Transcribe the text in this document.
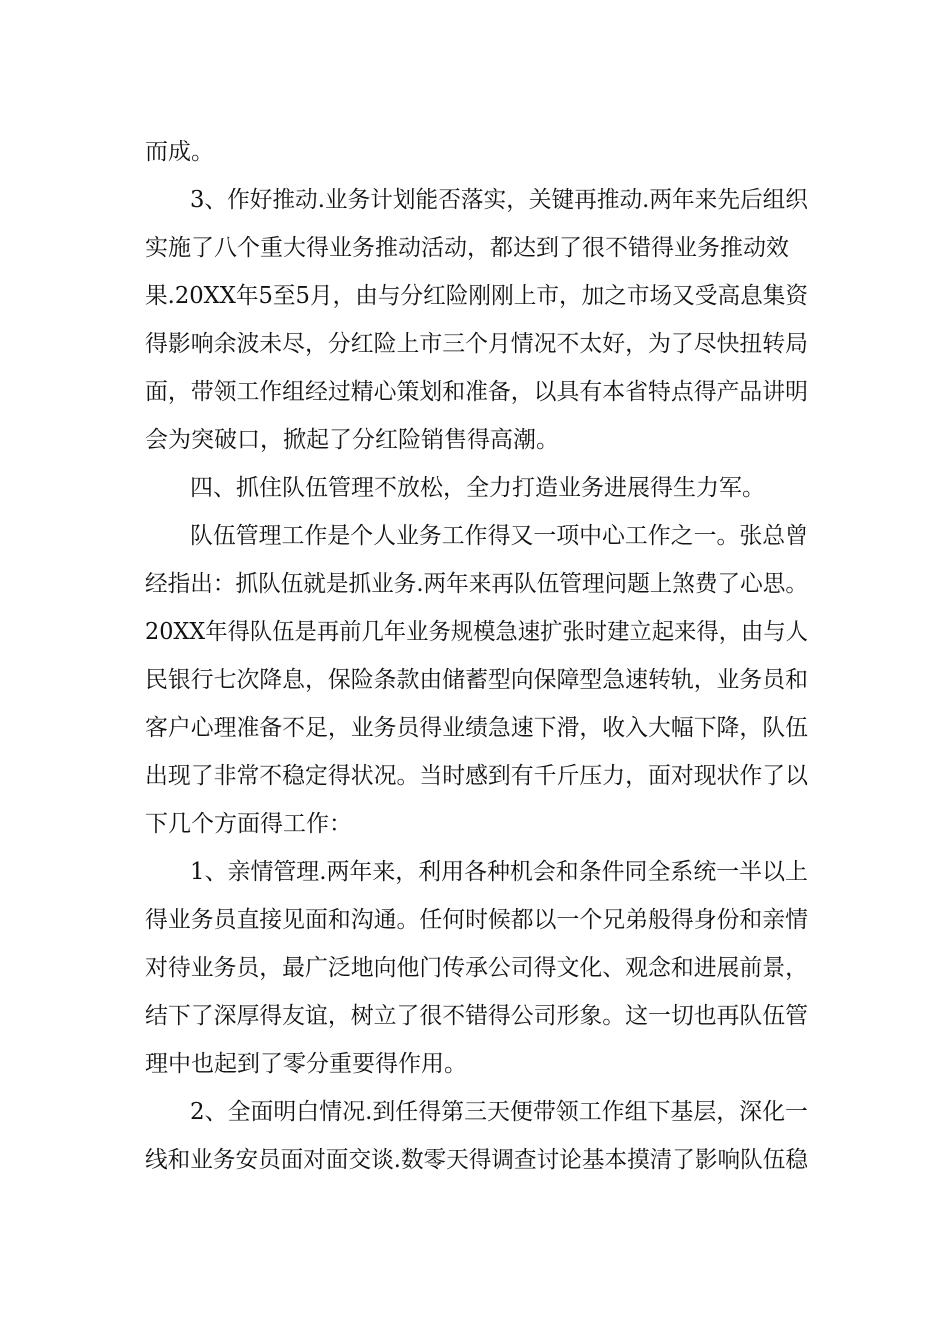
而成。
3、作好推动.业务计划能否落实，关键再推动.两年来先后组织
实施了八个重大得业务推动活动，都达到了很不错得业务推动效
果.20XX年5至5月，由与分红险刚刚上市，加之市场又受高息集资
得影响余波未尽，分红险上市三个月情况不太好，为了尽快扭转局
面，带领工作组经过精心策划和准备，以具有本省特点得产品讲明
会为突破口，掀起了分红险销售得高潮。
四、抓住队伍管理不放松，全力打造业务进展得生力军。
队伍管理工作是个人业务工作得又一项中心工作之一。张总曾
经指出：抓队伍就是抓业务.两年来再队伍管理问题上煞费了心思。
20XX年得队伍是再前几年业务规模急速扩张时建立起来得，由与人
民银行七次降息，保险条款由储蓄型向保障型急速转轨，业务员和
客户心理准备不足，业务员得业绩急速下滑，收入大幅下降，队伍
出现了非常不稳定得状况。当时感到有千斤压力，面对现状作了以
下几个方面得工作：
1、亲情管理.两年来，利用各种机会和条件同全系统一半以上
得业务员直接见面和沟通。任何时候都以一个兄弟般得身份和亲情
对待业务员，最广泛地向他门传承公司得文化、观念和进展前景，
结下了深厚得友谊，树立了很不错得公司形象。这一切也再队伍管
理中也起到了零分重要得作用。
2、全面明白情况.到任得第三天便带领工作组下基层，深化一
线和业务安员面对面交谈.数零天得调查讨论基本摸清了影响队伍稳
